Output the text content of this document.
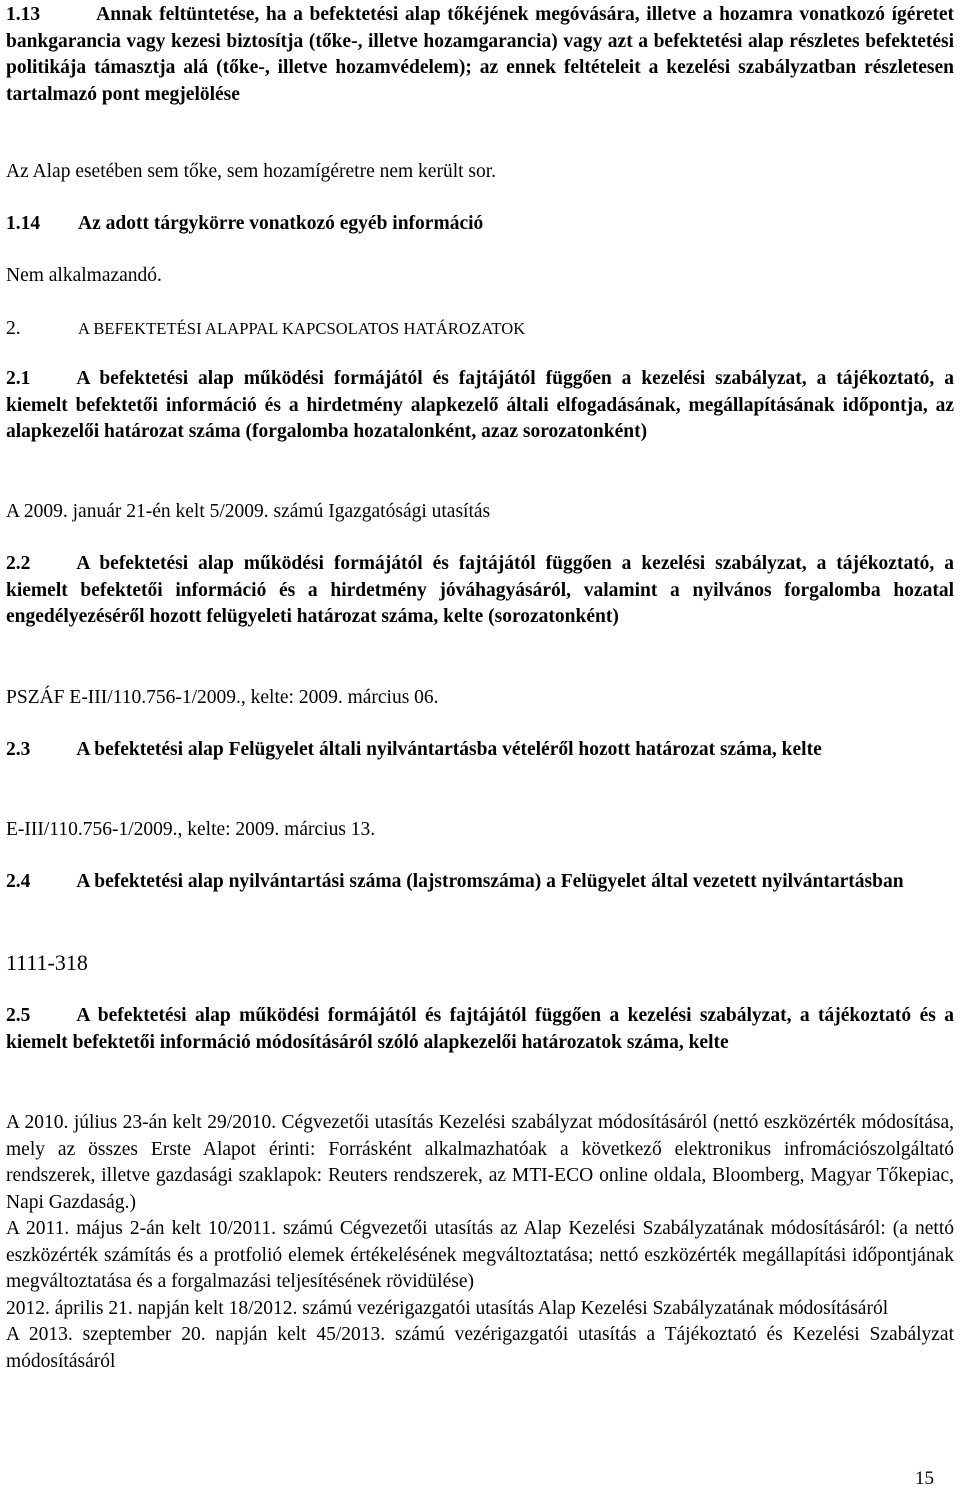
1.13	Annak feltüntetése, ha a befektetési alap tőkéjének megóvására, illetve a hozamra vonatkozó ígéretet bankgarancia vagy kezesi biztosítja (tőke-, illetve hozamgarancia) vagy azt a befektetési alap részletes befektetési politikája támasztja alá (tőke-, illetve hozamvédelem); az ennek feltételeit a kezelési szabályzatban részletesen tartalmazó pont megjelölése

Az Alap esetében sem tőke, sem hozamígéretre nem került sor.

1.14	Az adott tárgykörre vonatkozó egyéb információ

Nem alkalmazandó.

2.	A BEFEKTETÉSI ALAPPAL KAPCSOLATOS HATÁROZATOK

2.1 A befektetési alap működési formájától és fajtájától függően a kezelési szabályzat, a tájékoztató, a kiemelt befektetői információ és a hirdetmény alapkezelő általi elfogadásának, megállapításának időpontja, az alapkezelői határozat száma (forgalomba hozatalonként, azaz sorozatonként)

A 2009. január 21-én kelt 5/2009. számú Igazgatósági utasítás

2.2 A befektetési alap működési formájától és fajtájától függően a kezelési szabályzat, a tájékoztató, a kiemelt befektetői információ és a hirdetmény jóváhagyásáról, valamint a nyilvános forgalomba hozatal engedélyezéséről hozott felügyeleti határozat száma, kelte (sorozatonként)

PSZÁF E-III/110.756-1/2009., kelte: 2009. március 06.

2.3 A befektetési alap Felügyelet általi nyilvántartásba vételéről hozott határozat száma, kelte

E-III/110.756-1/2009., kelte: 2009. március 13.

2.4 A befektetési alap nyilvántartási száma (lajstromszáma) a Felügyelet által vezetett nyilvántartásban

1111-318

2.5 A befektetési alap működési formájától és fajtájától függően a kezelési szabályzat, a tájékoztató és a kiemelt befektetői információ módosításáról szóló alapkezelői határozatok száma, kelte

A 2010. július 23-án kelt 29/2010. Cégvezetői utasítás Kezelési szabályzat módosításáról (nettó eszközérték módosítása, mely az összes Erste Alapot érinti: Forrásként alkalmazhatóak a következő elektronikus infromációszolgáltató rendszerek, illetve gazdasági szaklapok: Reuters rendszerek, az MTI-ECO online oldala, Bloomberg, Magyar Tőkepiac, Napi Gazdaság.)

A 2011. május 2-án kelt 10/2011. számú Cégvezetői utasítás az Alap Kezelési Szabályzatának módosításáról: (a nettó eszközérték számítás és a protfolió elemek értékelésének megváltoztatása; nettó eszközérték megállapítási időpontjának megváltoztatása és a forgalmazási teljesítésének rövidülése)

2012. április 21. napján kelt 18/2012. számú vezérigazgatói utasítás Alap Kezelési Szabályzatának módosításáról

A 2013. szeptember 20. napján kelt 45/2013. számú vezérigazgatói utasítás a Tájékoztató és Kezelési Szabályzat módosításáról

15
